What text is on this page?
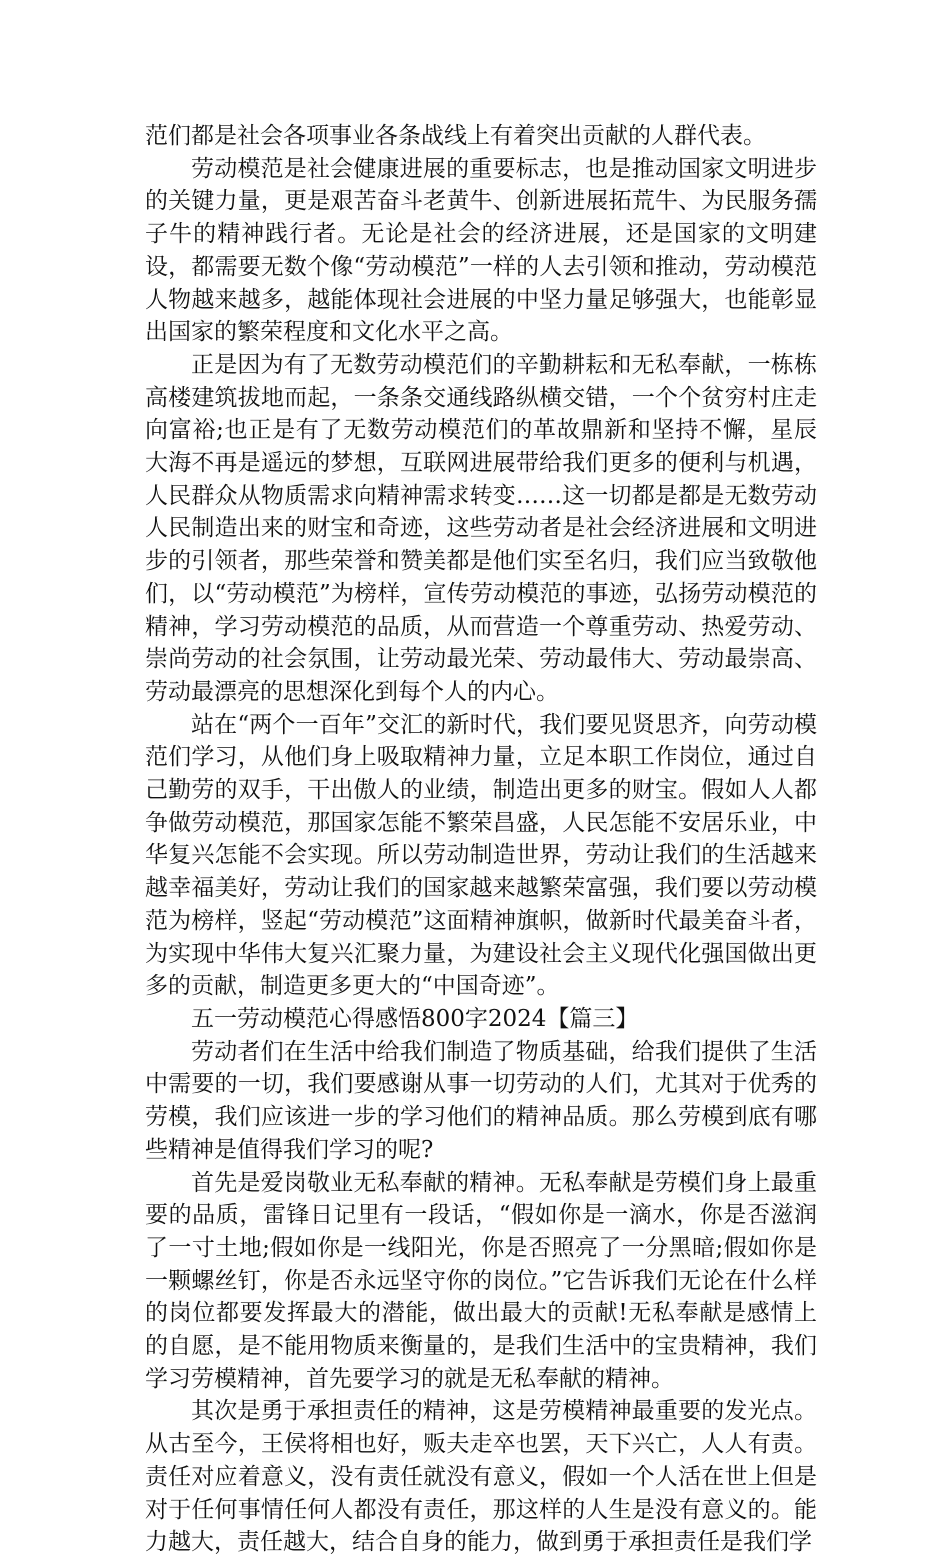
范们都是社会各项事业各条战线上有着突出贡献的人群代表。

劳动模范是社会健康进展的重要标志，也是推动国家文明进步的关键力量，更是艰苦奋斗老黄牛、创新进展拓荒牛、为民服务孺子牛的精神践行者。无论是社会的经济进展，还是国家的文明建设，都需要无数个像“劳动模范”一样的人去引领和推动，劳动模范人物越来越多，越能体现社会进展的中坚力量足够强大，也能彰显出国家的繁荣程度和文化水平之高。

正是因为有了无数劳动模范们的辛勤耕耘和无私奉献，一栋栋高楼建筑拔地而起，一条条交通线路纵横交错，一个个贫穷村庄走向富裕;也正是有了无数劳动模范们的革故鼎新和坚持不懈，星辰大海不再是遥远的梦想，互联网进展带给我们更多的便利与机遇，人民群众从物质需求向精神需求转变……这一切都是都是无数劳动人民制造出来的财宝和奇迹，这些劳动者是社会经济进展和文明进步的引领者，那些荣誉和赞美都是他们实至名归，我们应当致敬他们，以“劳动模范”为榜样，宣传劳动模范的事迹，弘扬劳动模范的精神，学习劳动模范的品质，从而营造一个尊重劳动、热爱劳动、崇尚劳动的社会氛围，让劳动最光荣、劳动最伟大、劳动最崇高、劳动最漂亮的思想深化到每个人的内心。

站在“两个一百年”交汇的新时代，我们要见贤思齐，向劳动模范们学习，从他们身上吸取精神力量，立足本职工作岗位，通过自己勤劳的双手，干出傲人的业绩，制造出更多的财宝。假如人人都争做劳动模范，那国家怎能不繁荣昌盛，人民怎能不安居乐业，中华复兴怎能不会实现。所以劳动制造世界，劳动让我们的生活越来越幸福美好，劳动让我们的国家越来越繁荣富强，我们要以劳动模范为榜样，竖起“劳动模范”这面精神旗帜，做新时代最美奋斗者，为实现中华伟大复兴汇聚力量，为建设社会主义现代化强国做出更多的贡献，制造更多更大的“中国奇迹”。

五一劳动模范心得感悟800字2024【篇三】

劳动者们在生活中给我们制造了物质基础，给我们提供了生活中需要的一切，我们要感谢从事一切劳动的人们，尤其对于优秀的劳模，我们应该进一步的学习他们的精神品质。那么劳模到底有哪些精神是值得我们学习的呢?

首先是爱岗敬业无私奉献的精神。无私奉献是劳模们身上最重要的品质，雷锋日记里有一段话，“假如你是一滴水，你是否滋润了一寸土地;假如你是一线阳光，你是否照亮了一分黑暗;假如你是一颗螺丝钉，你是否永远坚守你的岗位。”它告诉我们无论在什么样的岗位都要发挥最大的潜能，做出最大的贡献!无私奉献是感情上的自愿，是不能用物质来衡量的，是我们生活中的宝贵精神，我们学习劳模精神，首先要学习的就是无私奉献的精神。

其次是勇于承担责任的精神，这是劳模精神最重要的发光点。从古至今，王侯将相也好，贩夫走卒也罢，天下兴亡，人人有责。责任对应着意义，没有责任就没有意义，假如一个人活在世上但是对于任何事情任何人都没有责任，那这样的人生是没有意义的。能力越大，责任越大，结合自身的能力，做到勇于承担责任是我们学
